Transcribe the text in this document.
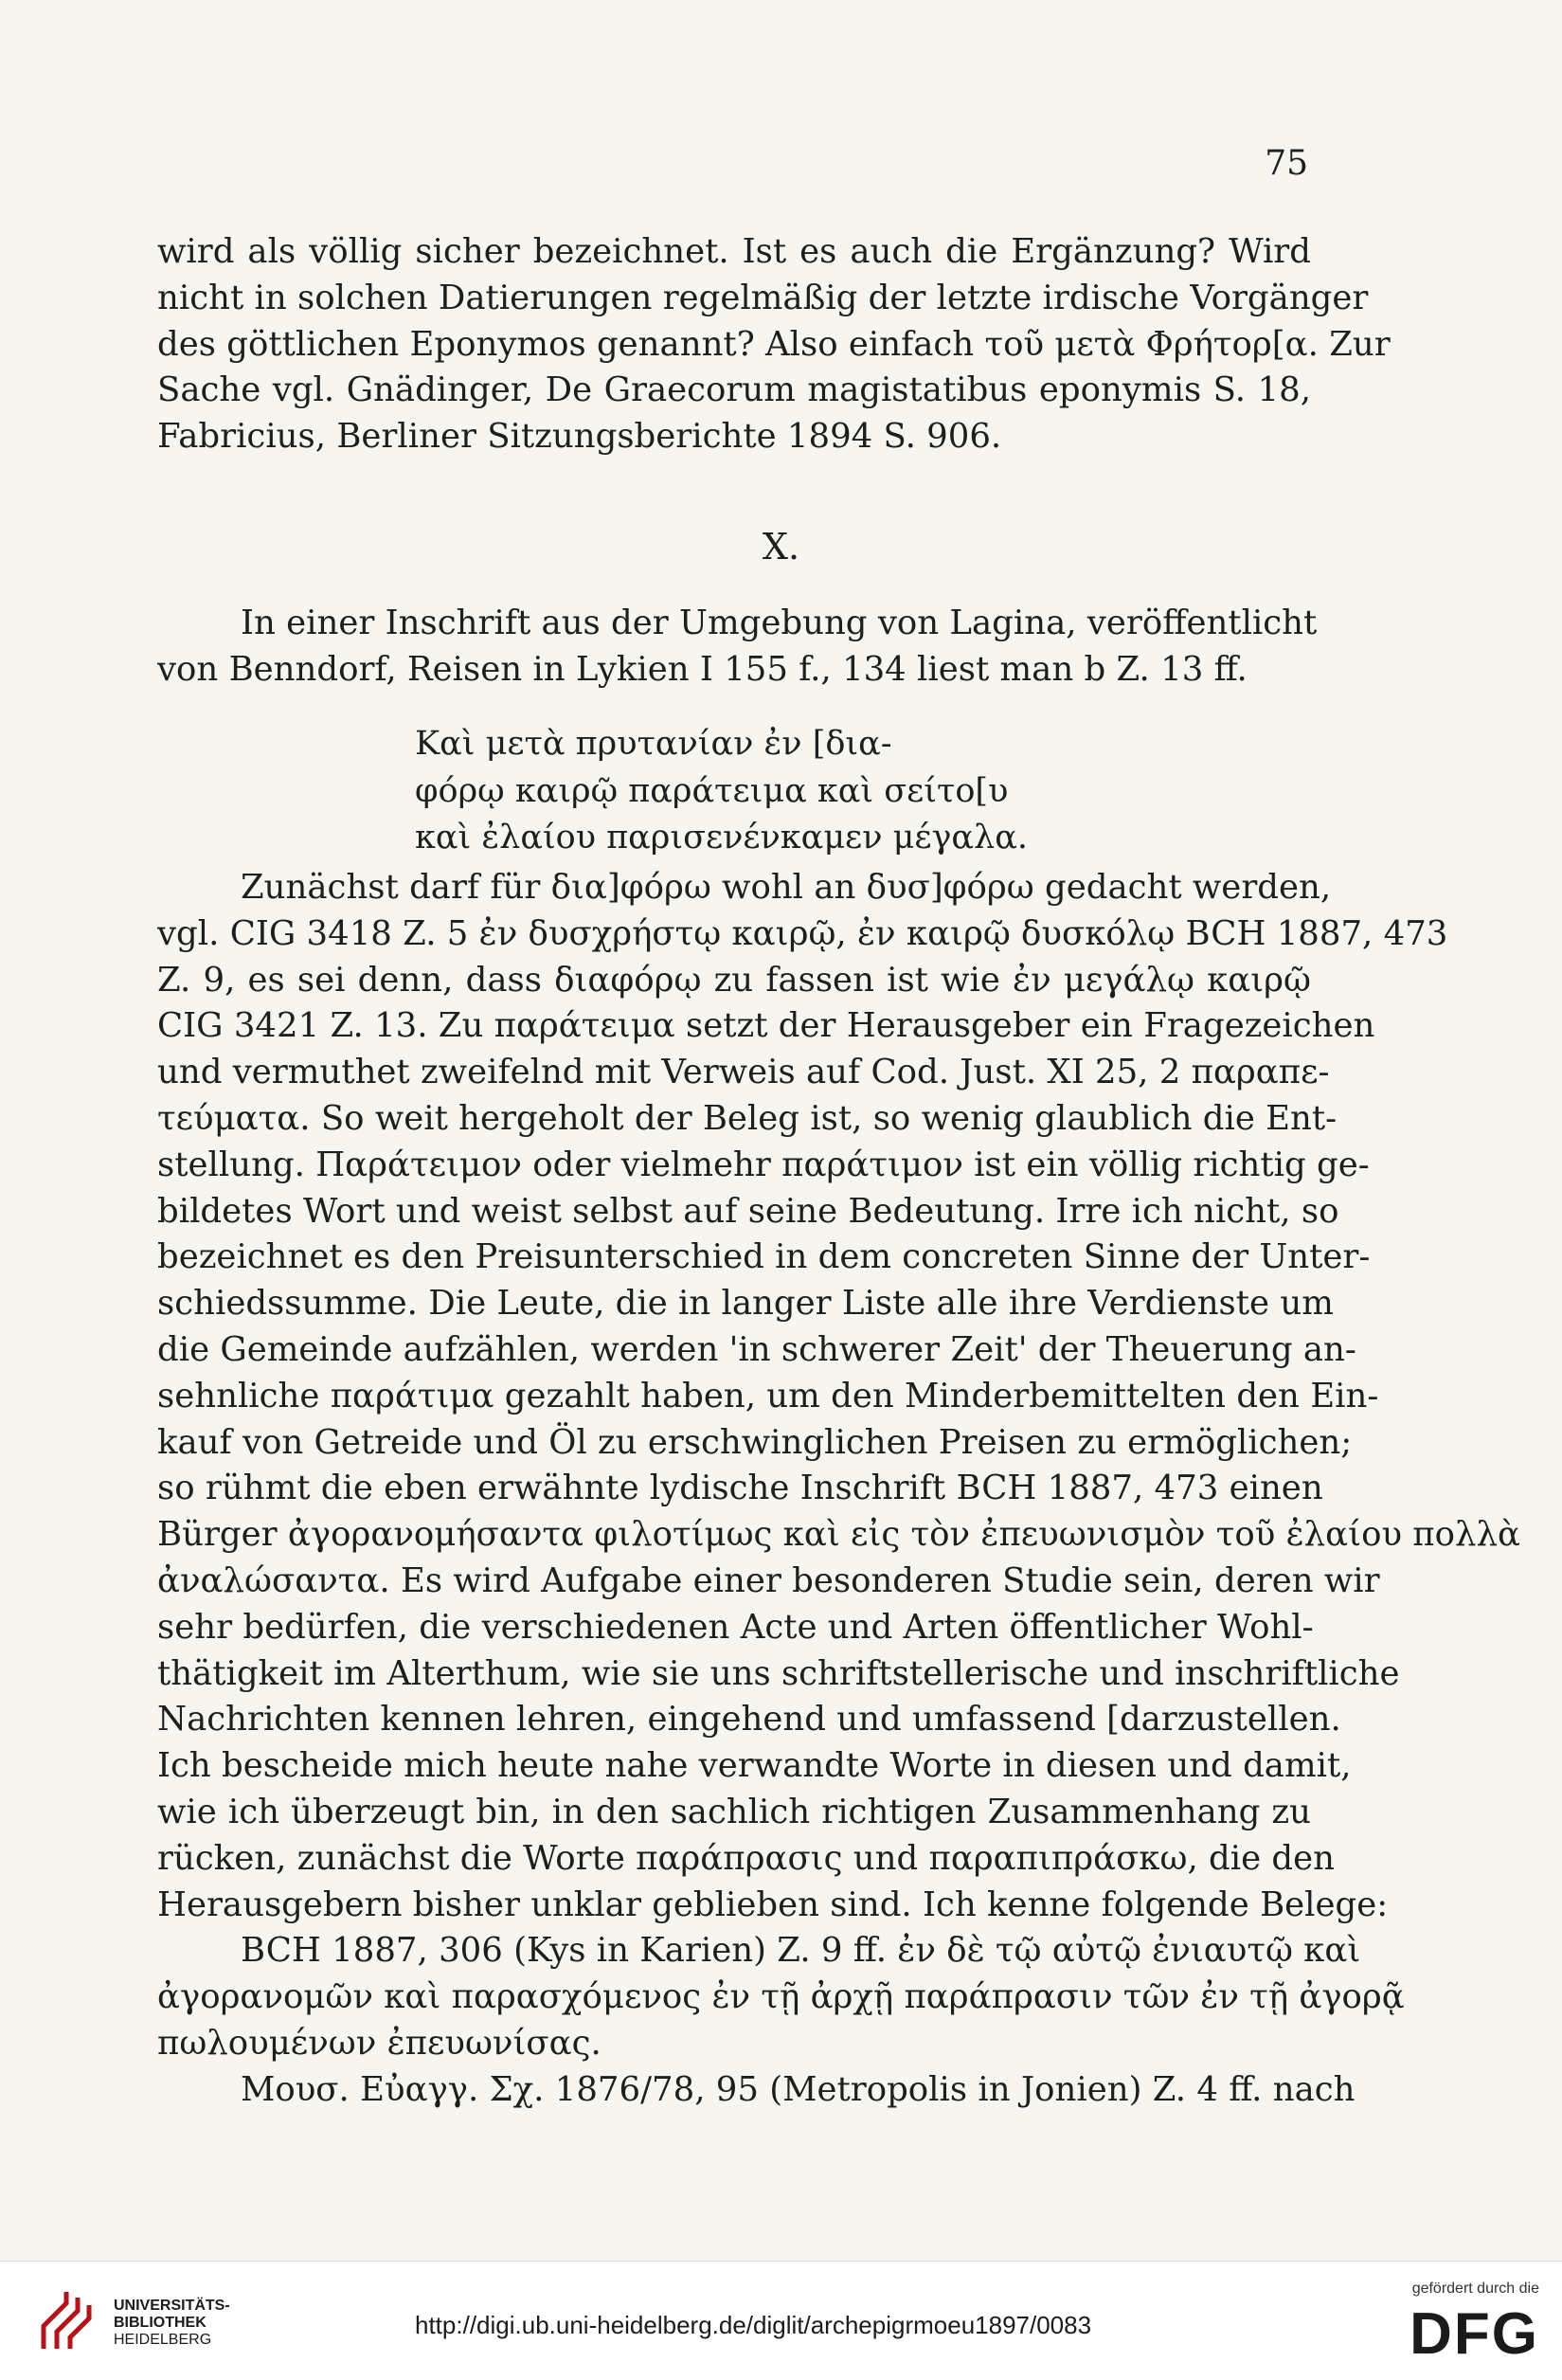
75
wird als völlig sicher bezeichnet. Ist es auch die Ergänzung? Wird
nicht in solchen Datierungen regelmäßig der letzte irdische Vorgänger
des göttlichen Eponymos genannt? Also einfach τοῦ μετὰ Φρήτορ[α. Zur
Sache vgl. Gnädinger, De Graecorum magistatibus eponymis S. 18,
Fabricius, Berliner Sitzungsberichte 1894 S. 906.
X.
In einer Inschrift aus der Umgebung von Lagina, veröffentlicht
von Benndorf, Reisen in Lykien I 155 f., 134 liest man b Z. 13 ff.
Καὶ μετὰ πρυτανίαν ἐν [δια-
φόρῳ καιρῷ παράτειμα καὶ σείτο[υ
καὶ ἐλαίου παρισενένκαμεν μέγαλα.
Zunächst darf für δια]φόρω wohl an δυσ]φόρω gedacht werden,
vgl. CIG 3418 Z. 5 ἐν δυσχρήστῳ καιρῷ, ἐν καιρῷ δυσκόλῳ BCH 1887, 473
Z. 9, es sei denn, dass διαφόρῳ zu fassen ist wie ἐν μεγάλῳ καιρῷ
CIG 3421 Z. 13. Zu παράτειμα setzt der Herausgeber ein Fragezeichen
und vermuthet zweifelnd mit Verweis auf Cod. Just. XI 25, 2 παραπε-
τεύματα. So weit hergeholt der Beleg ist, so wenig glaublich die Ent-
stellung. Παράτειμον oder vielmehr παράτιμον ist ein völlig richtig ge-
bildetes Wort und weist selbst auf seine Bedeutung. Irre ich nicht, so
bezeichnet es den Preisunterschied in dem concreten Sinne der Unter-
schiedssumme. Die Leute, die in langer Liste alle ihre Verdienste um
die Gemeinde aufzählen, werden 'in schwerer Zeit' der Theuerung an-
sehnliche παράτιμα gezahlt haben, um den Minderbemittelten den Ein-
kauf von Getreide und Öl zu erschwinglichen Preisen zu ermöglichen;
so rühmt die eben erwähnte lydische Inschrift BCH 1887, 473 einen
Bürger ἀγορανομήσαντα φιλοτίμως καὶ εἰς τὸν ἐπευωνισμὸν τοῦ ἐλαίου πολλὰ
ἀναλώσαντα. Es wird Aufgabe einer besonderen Studie sein, deren wir
sehr bedürfen, die verschiedenen Acte und Arten öffentlicher Wohl-
thätigkeit im Alterthum, wie sie uns schriftstellerische und inschriftliche
Nachrichten kennen lehren, eingehend und umfassend [darzustellen.
Ich bescheide mich heute nahe verwandte Worte in diesen und damit,
wie ich überzeugt bin, in den sachlich richtigen Zusammenhang zu
rücken, zunächst die Worte παράπρασις und παραπιπράσκω, die den
Herausgebern bisher unklar geblieben sind. Ich kenne folgende Belege:
BCH 1887, 306 (Kys in Karien) Z. 9 ff. ἐν δὲ τῷ αὐτῷ ἐνιαυτῷ καὶ
ἀγορανομῶν καὶ παρασχόμενος ἐν τῇ ἀρχῇ παράπρασιν τῶν ἐν τῇ ἀγορᾷ
πωλουμένων ἐπευωνίσας.
Μουσ. Εὐαγγ. Σχ. 1876/78, 95 (Metropolis in Jonien) Z. 4 ff. nach
UNIVERSITÄTS-
BIBLIOTHEK
HEIDELBERG
http://digi.ub.uni-heidelberg.de/diglit/archepigrmoeu1897/0083
gefördert durch die
DFG
